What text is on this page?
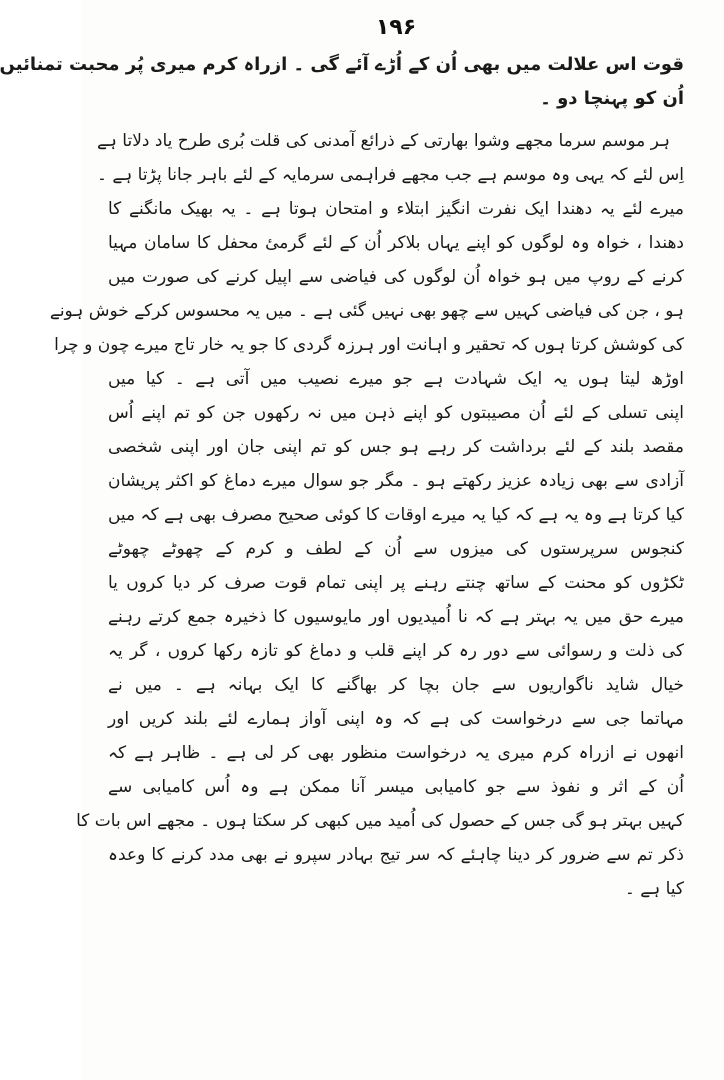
۱۹۶
قوت اس علالت میں بھی اُن کے اُڑے آئے گی ۔ ازراہ کرم میری پُر محبت تمنائیں
اُن کو پہنچا دو ۔
ہر موسم سرما مجھے وشوا بھارتی کے ذرائع آمدنی کی قلت بُری طرح یاد دلاتا ہے
اِس لئے کہ یہی وہ موسم ہے جب مجھے فراہمی سرمایہ کے لئے باہر جانا پڑتا ہے ۔
میرے لئے یہ دھندا ایک نفرت انگیز ابتلاء و امتحان ہوتا ہے ۔ یہ بھیک مانگنے کا
دھندا ، خواہ وہ لوگوں کو اپنے یہاں بلاکر اُن کے لئے گرمیٔ محفل کا سامان مہیا
کرنے کے روپ میں ہو خواہ اُن لوگوں کی فیاضی سے اپیل کرنے کی صورت میں
ہو ، جن کی فیاضی کہیں سے چھو بھی نہیں گئی ہے ۔ میں یہ محسوس کرکے خوش ہونے
کی کوشش کرتا ہوں کہ تحقیر و اہانت اور ہرزہ گردی کا جو یہ خار تاج میرے چون و چرا
اوڑھ لیتا ہوں یہ ایک شہادت ہے جو میرے نصیب میں آتی ہے ۔ کیا میں
اپنی تسلی کے لئے اُن مصیبتوں کو اپنے ذہن میں نہ رکھوں جن کو تم اپنے اُس
مقصد بلند کے لئے برداشت کر رہے ہو جس کو تم اپنی جان اور اپنی شخصی
آزادی سے بھی زیادہ عزیز رکھتے ہو ۔ مگر جو سوال میرے دماغ کو اکثر پریشان
کیا کرتا ہے وہ یہ ہے کہ کیا یہ میرے اوقات کا کوئی صحیح مصرف بھی ہے کہ میں
کنجوس سرپرستوں کی میزوں سے اُن کے لطف و کرم کے چھوٹے چھوٹے
ٹکڑوں کو محنت کے ساتھ چنتے رہنے پر اپنی تمام قوت صرف کر دیا کروں یا
میرے حق میں یہ بہتر ہے کہ نا اُمیدیوں اور مایوسیوں کا ذخیرہ جمع کرتے رہنے
کی ذلت و رسوائی سے دور رہ کر اپنے قلب و دماغ کو تازہ رکھا کروں ، گر یہ
خیال شاید ناگواریوں سے جان بچا کر بھاگنے کا ایک بہانہ ہے ۔ میں نے
مہاتما جی سے درخواست کی ہے کہ وہ اپنی آواز ہمارے لئے بلند کریں اور
انھوں نے ازراہ کرم میری یہ درخواست منظور بھی کر لی ہے ۔ ظاہر ہے کہ
اُن کے اثر و نفوذ سے جو کامیابی میسر آنا ممکن ہے وہ اُس کامیابی سے
کہیں بہتر ہو گی جس کے حصول کی اُمید میں کبھی کر سکتا ہوں ۔ مجھے اس بات کا
ذکر تم سے ضرور کر دینا چاہئے کہ سر تیج بہادر سپرو نے بھی مدد کرنے کا وعدہ
کیا ہے ۔
